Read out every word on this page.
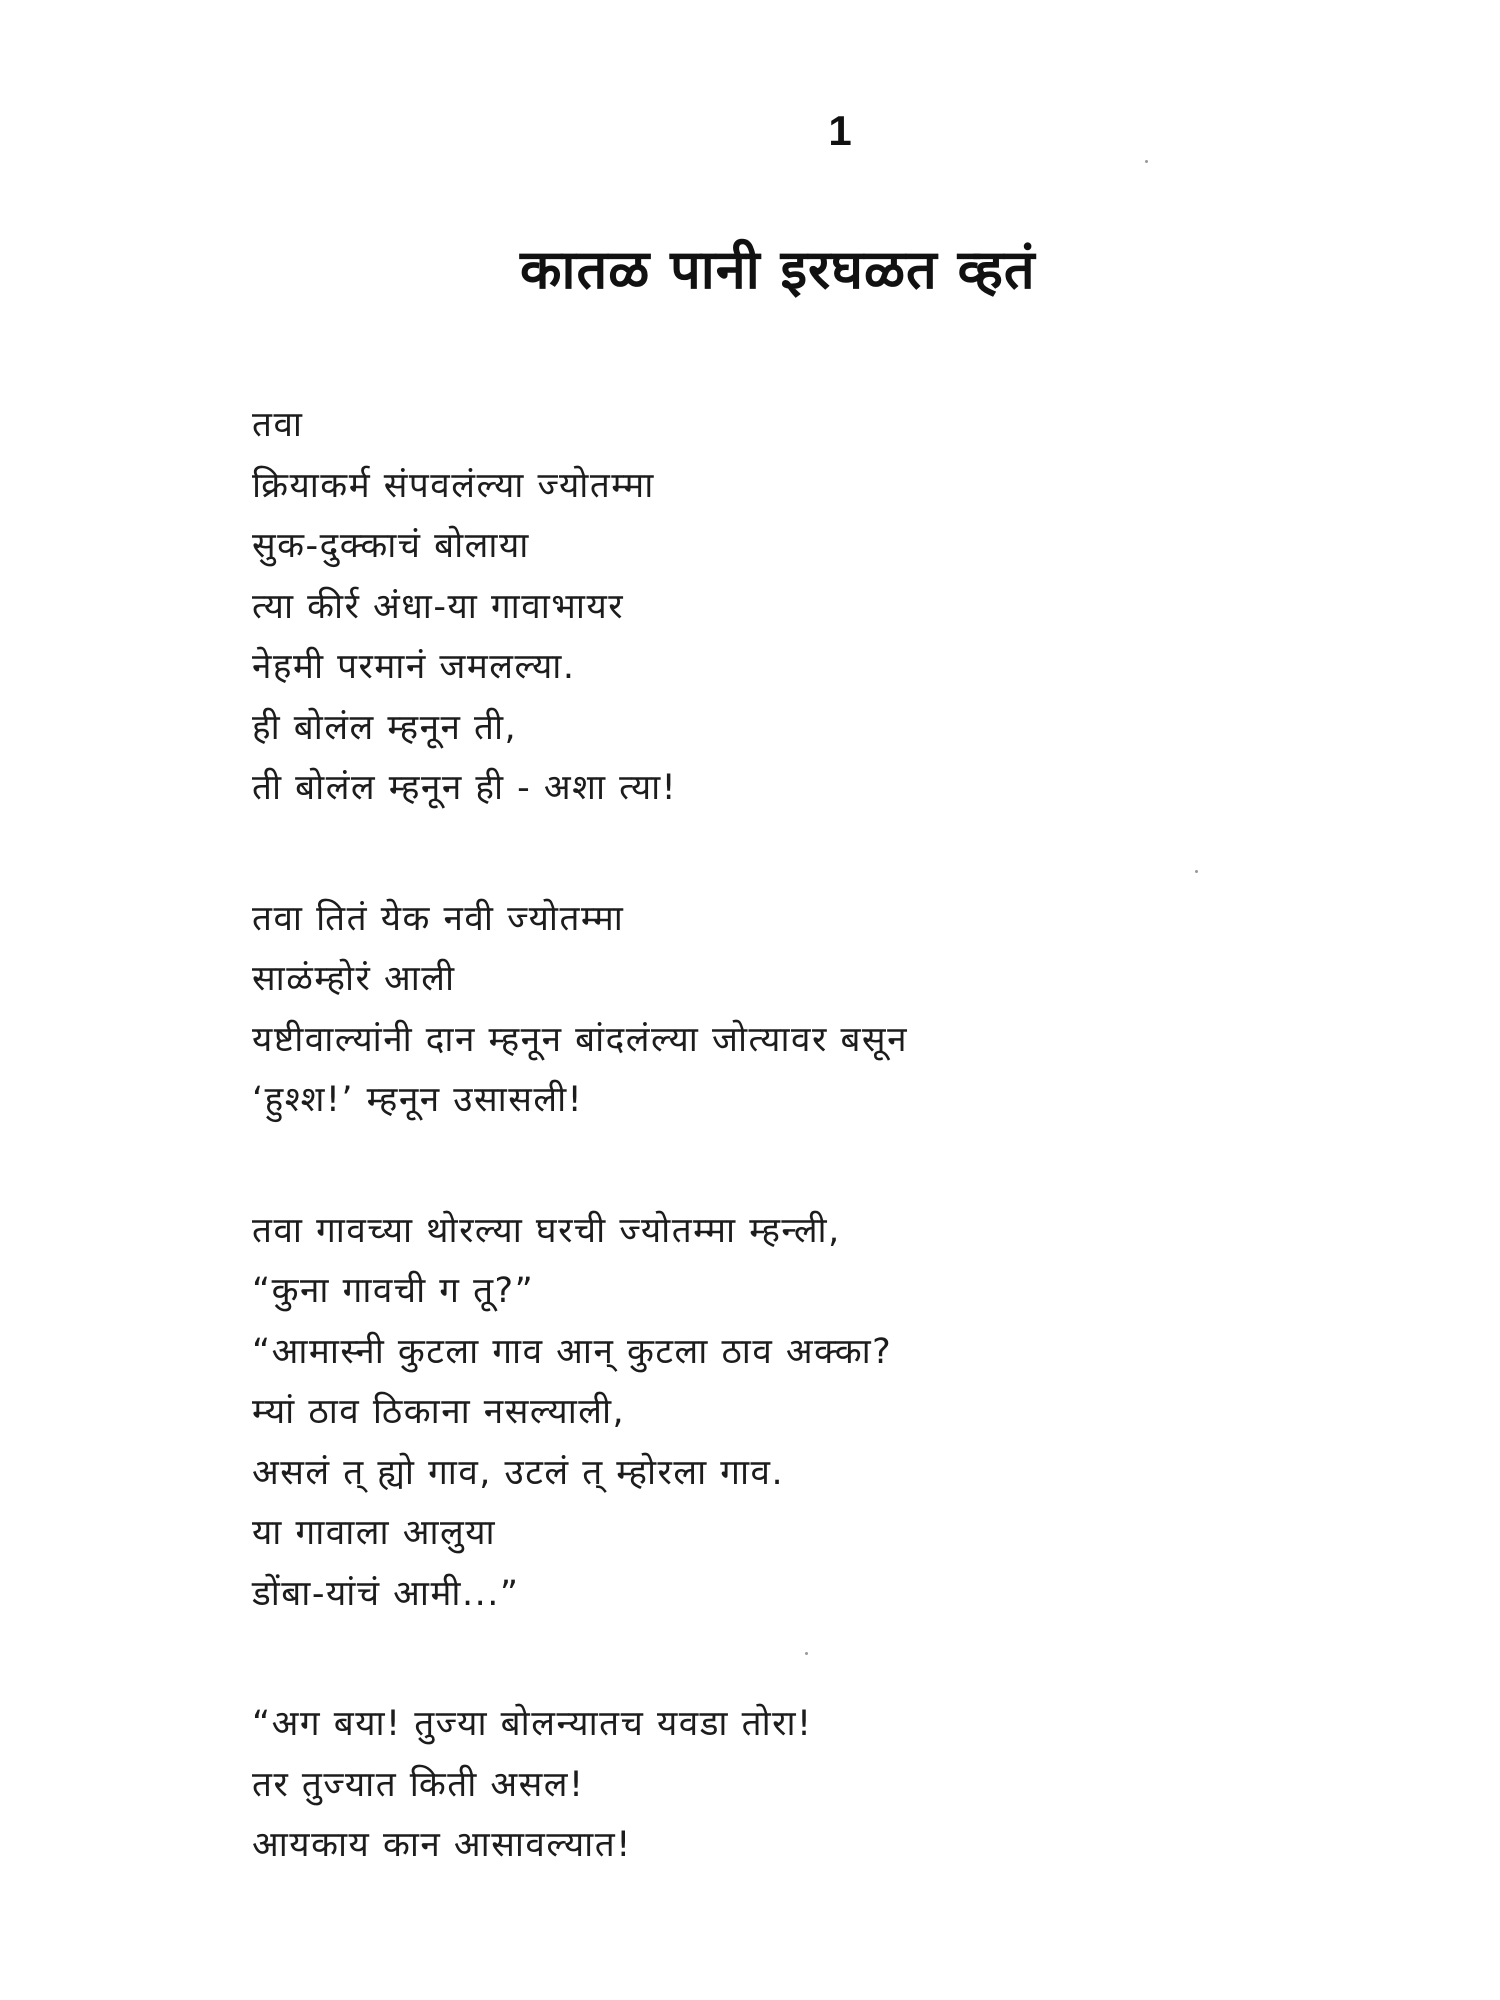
1
कातळ पानी इरघळत व्हतं
तवा
क्रियाकर्म संपवलंल्या ज्योतम्मा
सुक-दुक्काचं बोलाया
त्या कीर्र अंधा-या गावाभायर
नेहमी परमानं जमलल्या.
ही बोलंल म्हनून ती,
ती बोलंल म्हनून ही - अशा त्या!
तवा तितं येक नवी ज्योतम्मा
साळंम्होरं आली
यष्टीवाल्यांनी दान म्हनून बांदलंल्या जोत्यावर बसून
‘हुश्श!’ म्हनून उसासली!
तवा गावच्या थोरल्या घरची ज्योतम्मा म्हन्ली,
“कुना गावची ग तू?”
“आमास्नी कुटला गाव आन् कुटला ठाव अक्का?
म्यां ठाव ठिकाना नसल्याली,
असलं त् ह्यो गाव, उटलं त् म्होरला गाव.
या गावाला आलुया
डोंबा-यांचं आमी...”
“अग बया! तुज्या बोलन्यातच यवडा तोरा!
तर तुज्यात किती असल!
आयकाय कान आसावल्यात!
